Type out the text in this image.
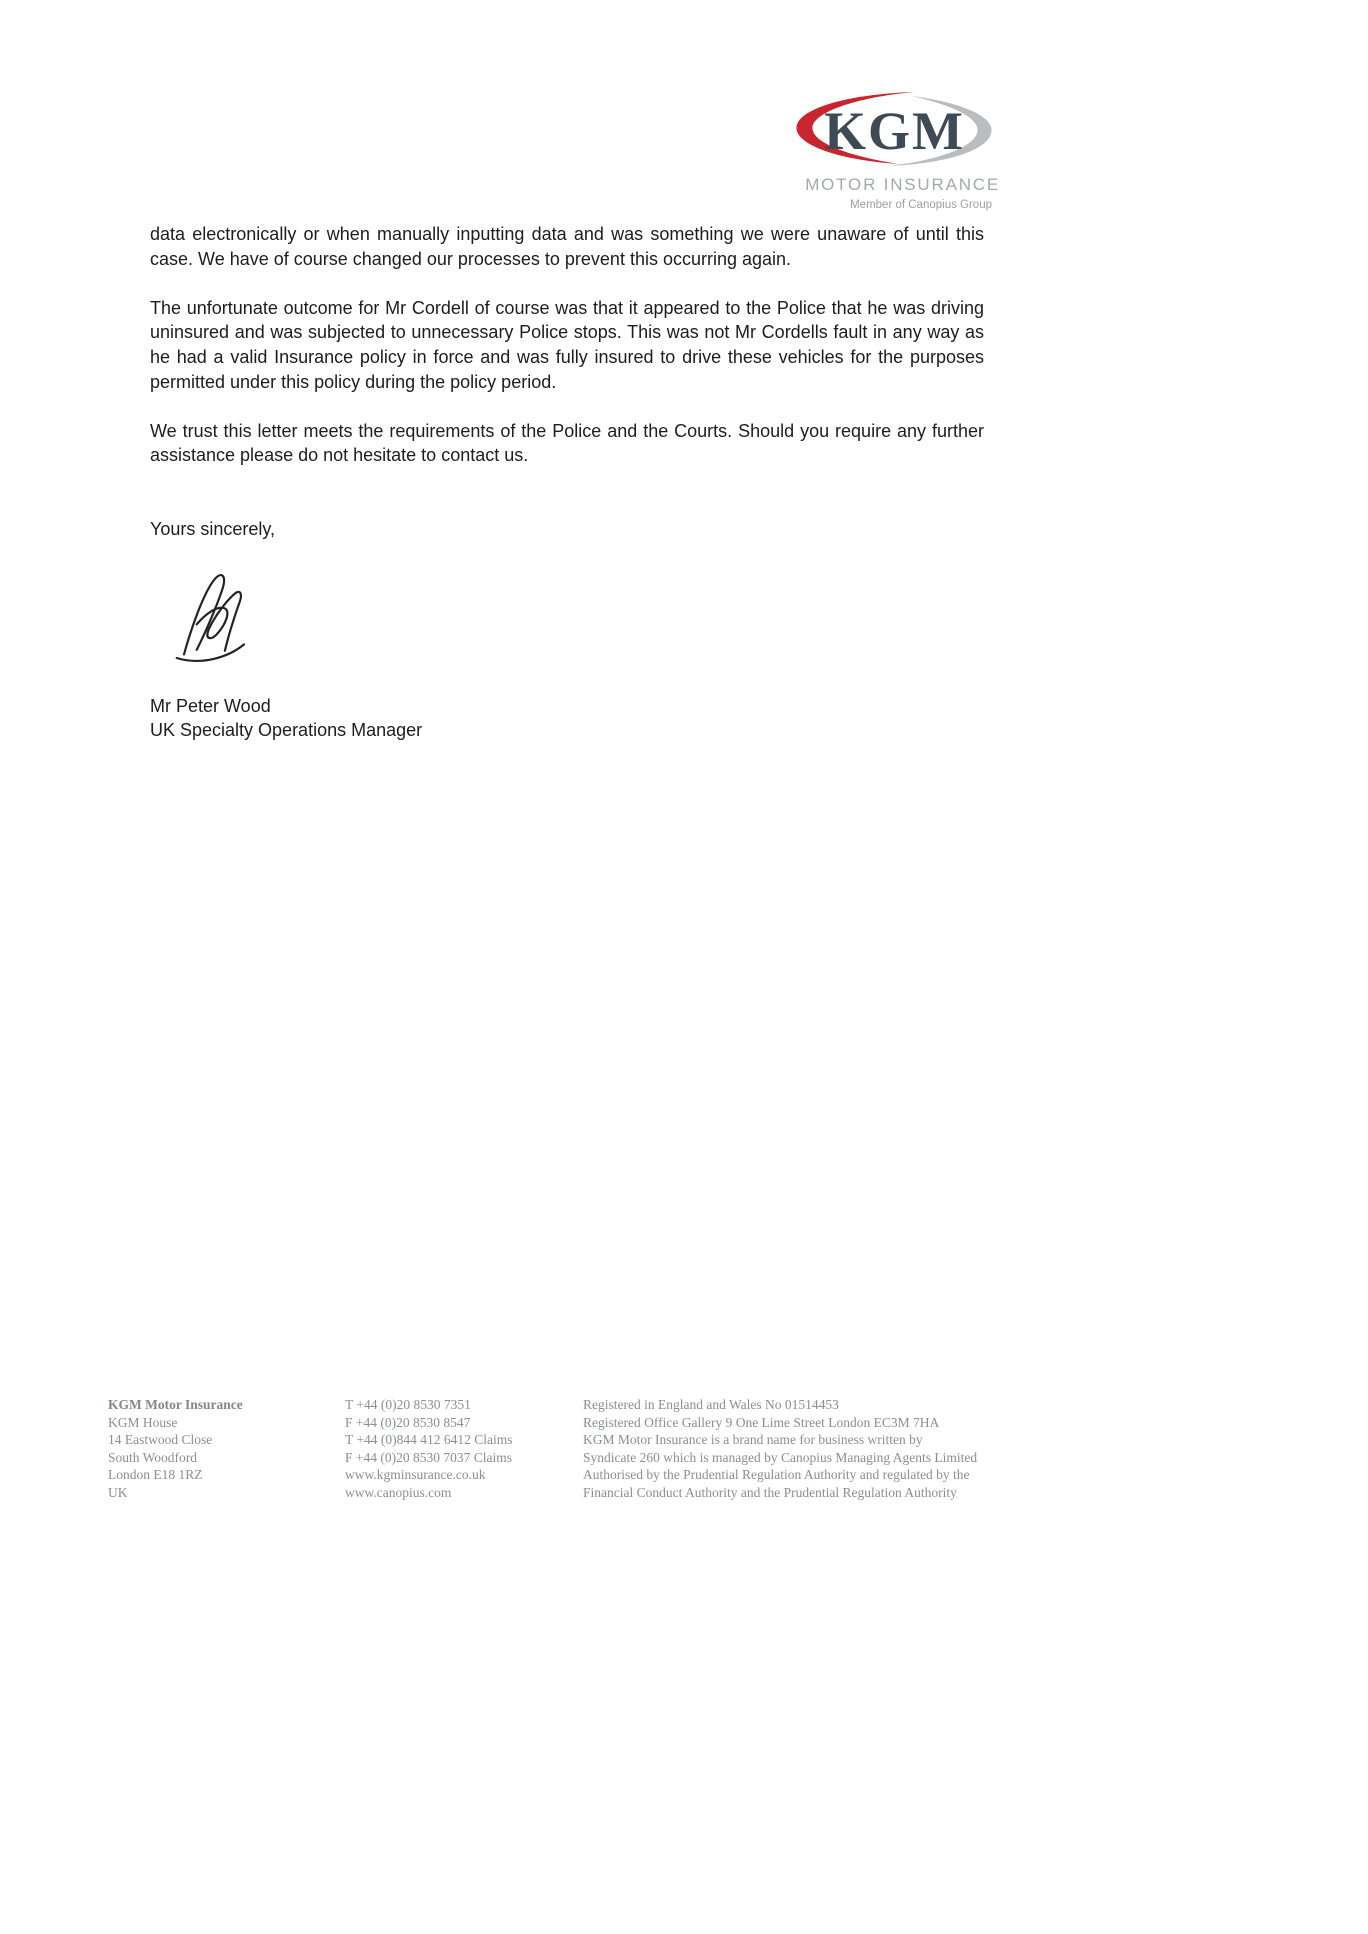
KGM
MOTOR INSURANCE
Member of Canopius Group

data electronically or when manually inputting data and was something we were unaware of until this case. We have of course changed our processes to prevent this occurring again.

The unfortunate outcome for Mr Cordell of course was that it appeared to the Police that he was driving uninsured and was subjected to unnecessary Police stops. This was not Mr Cordells fault in any way as he had a valid Insurance policy in force and was fully insured to drive these vehicles for the purposes permitted under this policy during the policy period.

We trust this letter meets the requirements of the Police and the Courts. Should you require any further assistance please do not hesitate to contact us.

Yours sincerely,
Mr Peter Wood
UK Specialty Operations Manager
KGM Motor Insurance
KGM House
14 Eastwood Close
South Woodford
London E18 1RZ
UK
T +44 (0)20 8530 7351
F +44 (0)20 8530 8547
T +44 (0)844 412 6412 Claims
F +44 (0)20 8530 7037 Claims
www.kgminsurance.co.uk
www.canopius.com
Registered in England and Wales No 01514453
Registered Office Gallery 9 One Lime Street London EC3M 7HA
KGM Motor Insurance is a brand name for business written by
Syndicate 260 which is managed by Canopius Managing Agents Limited
Authorised by the Prudential Regulation Authority and regulated by the
Financial Conduct Authority and the Prudential Regulation Authority
